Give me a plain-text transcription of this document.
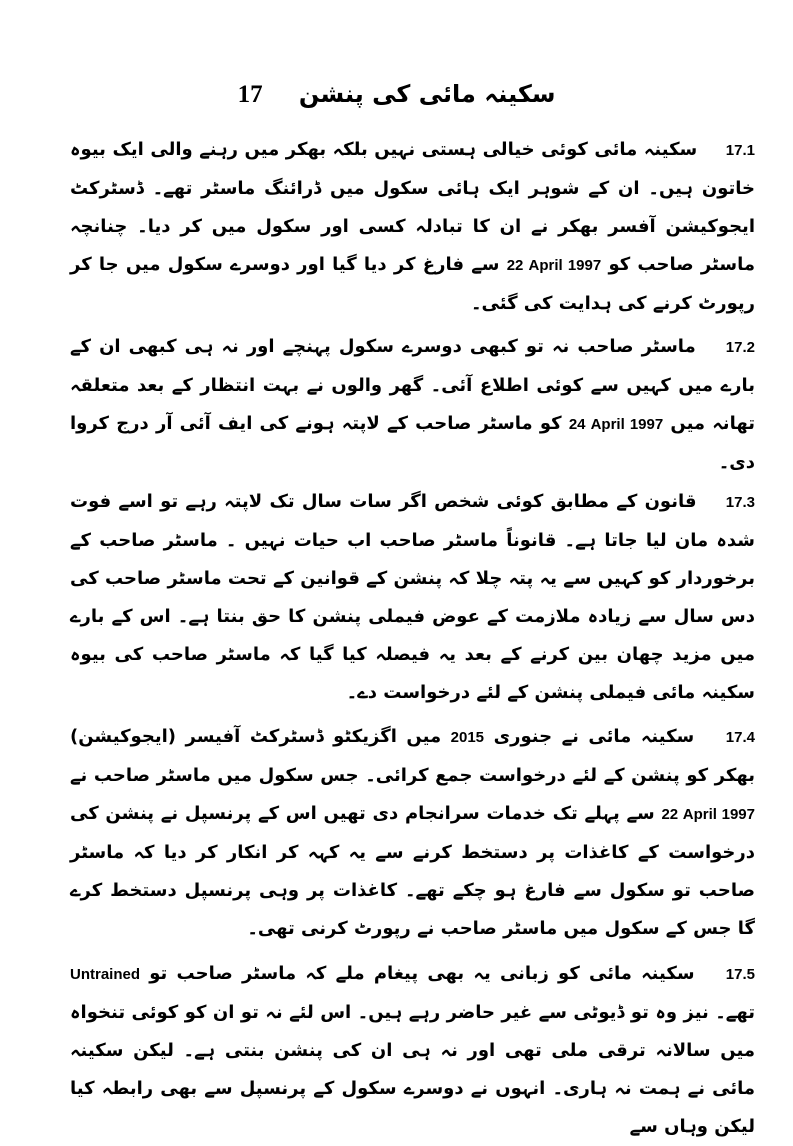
سکینہ مائی کی پنشن 17

17.1 سکینہ مائی کوئی خیالی ہستی نہیں بلکہ بھکر میں رہنے والی ایک بیوہ خاتون ہیں۔ ان کے شوہر ایک ہائی سکول میں ڈرائنگ ماسٹر تھے۔ ڈسٹرکٹ ایجوکیشن آفسر بھکر نے ان کا تبادلہ کسی اور سکول میں کر دیا۔ چنانچہ ماسٹر صاحب کو 22 April 1997 سے فارغ کر دیا گیا اور دوسرے سکول میں جا کر رپورٹ کرنے کی ہدایت کی گئی۔

17.2 ماسٹر صاحب نہ تو کبھی دوسرے سکول پہنچے اور نہ ہی کبھی ان کے بارے میں کہیں سے کوئی اطلاع آئی۔ گھر والوں نے بہت انتظار کے بعد متعلقہ تھانہ میں 24 April 1997 کو ماسٹر صاحب کے لاپتہ ہونے کی ایف آئی آر درج کروا دی۔

17.3 قانون کے مطابق کوئی شخص اگر سات سال تک لاپتہ رہے تو اسے فوت شدہ مان لیا جاتا ہے۔ قانوناً ماسٹر صاحب اب حیات نہیں ۔ ماسٹر صاحب کے برخوردار کو کہیں سے یہ پتہ چلا کہ پنشن کے قوانین کے تحت ماسٹر صاحب کی دس سال سے زیادہ ملازمت کے عوض فیملی پنشن کا حق بنتا ہے۔ اس کے بارے میں مزید چھان بین کرنے کے بعد یہ فیصلہ کیا گیا کہ ماسٹر صاحب کی بیوہ سکینہ مائی فیملی پنشن کے لئے درخواست دے۔

17.4 سکینہ مائی نے جنوری 2015 میں اگزیکٹو ڈسٹرکٹ آفیسر (ایجوکیشن) بھکر کو پنشن کے لئے درخواست جمع کرائی۔ جس سکول میں ماسٹر صاحب نے 22 April 1997 سے پہلے تک خدمات سرانجام دی تھیں اس کے پرنسپل نے پنشن کی درخواست کے کاغذات پر دستخط کرنے سے یہ کہہ کر انکار کر دیا کہ ماسٹر صاحب تو سکول سے فارغ ہو چکے تھے۔ کاغذات پر وہی پرنسپل دستخط کرے گا جس کے سکول میں ماسٹر صاحب نے رپورٹ کرنی تھی۔

17.5 سکینہ مائی کو زبانی یہ بھی پیغام ملے کہ ماسٹر صاحب تو Untrained تھے۔ نیز وہ تو ڈیوٹی سے غیر حاضر رہے ہیں۔ اس لئے نہ تو ان کو کوئی تنخواہ میں سالانہ ترقی ملی تھی اور نہ ہی ان کی پنشن بنتی ہے۔ لیکن سکینہ مائی نے ہمت نہ ہاری۔ انہوں نے دوسرے سکول کے پرنسپل سے بھی رابطہ کیا لیکن وہاں سے
